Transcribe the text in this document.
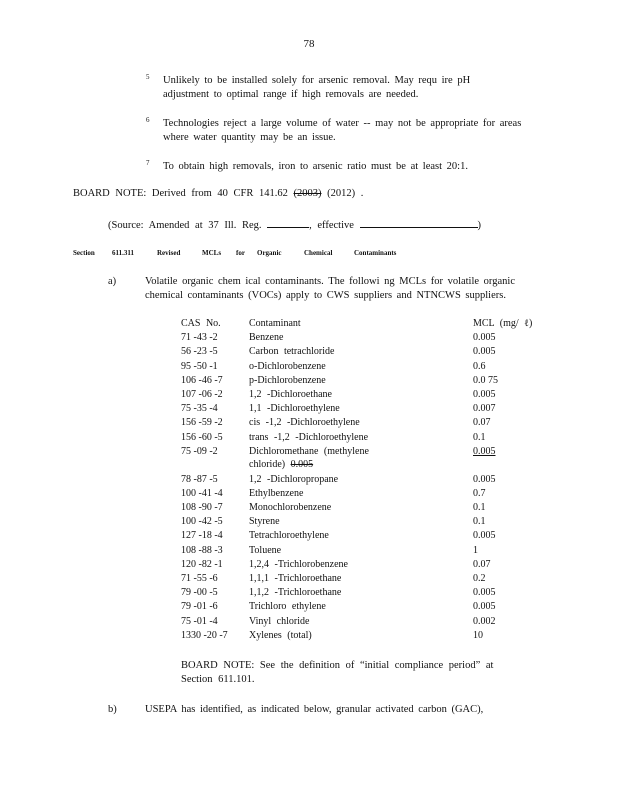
78
5 Unlikely to be installed solely for arsenic removal. May requ ire pH
adjustment to optimal range if high removals are needed.
6 Technologies reject a large volume of water -- may not be appropriate for areas
where water quantity may be an issue.
7 To obtain high removals, iron to arsenic ratio must be at least 20:1.
BOARD NOTE: Derived from 40 CFR 141.62 (2003) (2012) .
(Source: Amended at 37 Ill. Reg.	, effective	)
Section 611.311	Revised	MCLs for Organic	Chemical	Contaminants
a)	Volatile organic chem ical contaminants. The followi ng MCLs for volatile organic
chemical contaminants (VOCs) apply to CWS suppliers and NTNCWS suppliers.
CAS No.	Contaminant	MCL (mg/ ℓ)
71 -43 -2	Benzene	0.005
56 -23 -5	Carbon tetrachloride	0.005
95 -50 -1	o-Dichlorobenzene	0.6
106 -46 -7	p-Dichlorobenzene	0.0 75
107 -06 -2	1,2 -Dichloroethane	0.005
75 -35 -4	1,1 -Dichloroethylene	0.007
156 -59 -2	cis -1,2 -Dichloroethylene	0.07
156 -60 -5	trans -1,2 -Dichloroethylene	0.1
75 -09 -2	Dichloromethane (methylene
chloride) 0.005	0.005
78 -87 -5	1,2 -Dichloropropane	0.005
100 -41 -4	Ethylbenzene	0.7
108 -90 -7	Monochlorobenzene	0.1
100 -42 -5	Styrene	0.1
127 -18 -4	Tetrachloroethylene	0.005
108 -88 -3	Toluene	1
120 -82 -1	1,2,4 -Trichlorobenzene	0.07
71 -55 -6	1,1,1 -Trichloroethane	0.2
79 -00 -5	1,1,2 -Trichloroethane	0.005
79 -01 -6	Trichloro ethylene	0.005
75 -01 -4	Vinyl chloride	0.002
1330 -20 -7	Xylenes (total)	10
BOARD NOTE: See the definition of “initial compliance period” at
Section 611.101.
b)	USEPA has identified, as indicated below, granular activated carbon (GAC),
